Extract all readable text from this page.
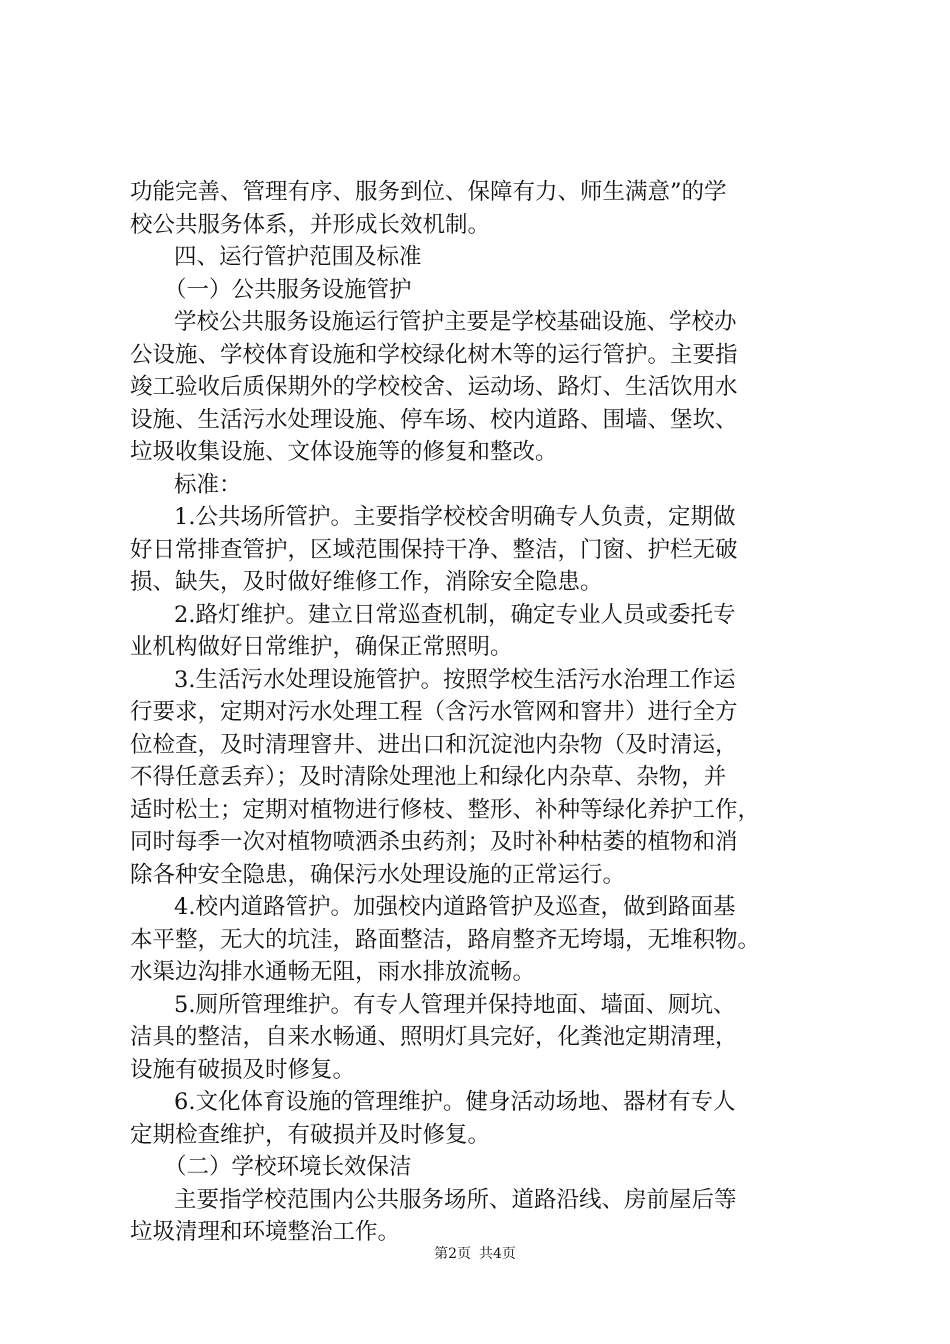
功能完善、管理有序、服务到位、保障有力、师生满意”的学
校公共服务体系，并形成长效机制。
四、运行管护范围及标准
（一）公共服务设施管护
学校公共服务设施运行管护主要是学校基础设施、学校办
公设施、学校体育设施和学校绿化树木等的运行管护。主要指
竣工验收后质保期外的学校校舍、运动场、路灯、生活饮用水
设施、生活污水处理设施、停车场、校内道路、围墙、堡坎、
垃圾收集设施、文体设施等的修复和整改。
标准：
1.公共场所管护。主要指学校校舍明确专人负责，定期做
好日常排查管护，区域范围保持干净、整洁，门窗、护栏无破
损、缺失，及时做好维修工作，消除安全隐患。
2.路灯维护。建立日常巡查机制，确定专业人员或委托专
业机构做好日常维护，确保正常照明。
3.生活污水处理设施管护。按照学校生活污水治理工作运
行要求，定期对污水处理工程（含污水管网和窨井）进行全方
位检查，及时清理窨井、进出口和沉淀池内杂物（及时清运，
不得任意丢弃）；及时清除处理池上和绿化内杂草、杂物，并
适时松土；定期对植物进行修枝、整形、补种等绿化养护工作，
同时每季一次对植物喷洒杀虫药剂；及时补种枯萎的植物和消
除各种安全隐患，确保污水处理设施的正常运行。
4.校内道路管护。加强校内道路管护及巡查，做到路面基
本平整，无大的坑洼，路面整洁，路肩整齐无垮塌，无堆积物。
水渠边沟排水通畅无阻，雨水排放流畅。
5.厕所管理维护。有专人管理并保持地面、墙面、厕坑、
洁具的整洁，自来水畅通、照明灯具完好，化粪池定期清理，
设施有破损及时修复。
6.文化体育设施的管理维护。健身活动场地、器材有专人
定期检查维护，有破损并及时修复。
（二）学校环境长效保洁
主要指学校范围内公共服务场所、道路沿线、房前屋后等
垃圾清理和环境整治工作。
第2页 共4页
